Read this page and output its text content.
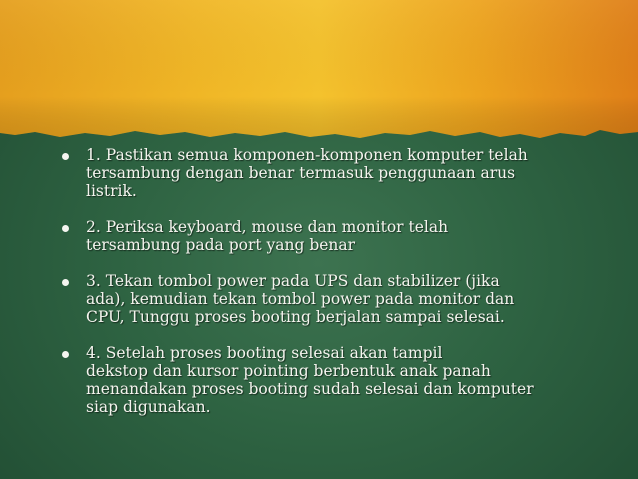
1. Pastikan semua komponen-komponen komputer telah
tersambung dengan benar termasuk penggunaan arus
listrik.
2. Periksa keyboard, mouse dan monitor telah
tersambung pada port yang benar
3. Tekan tombol power pada UPS dan stabilizer (jika
ada), kemudian tekan tombol power pada monitor dan
CPU, Tunggu proses booting berjalan sampai selesai.
4. Setelah proses booting selesai akan tampil
dekstop dan kursor pointing berbentuk anak panah
menandakan proses booting sudah selesai dan komputer
siap digunakan.
